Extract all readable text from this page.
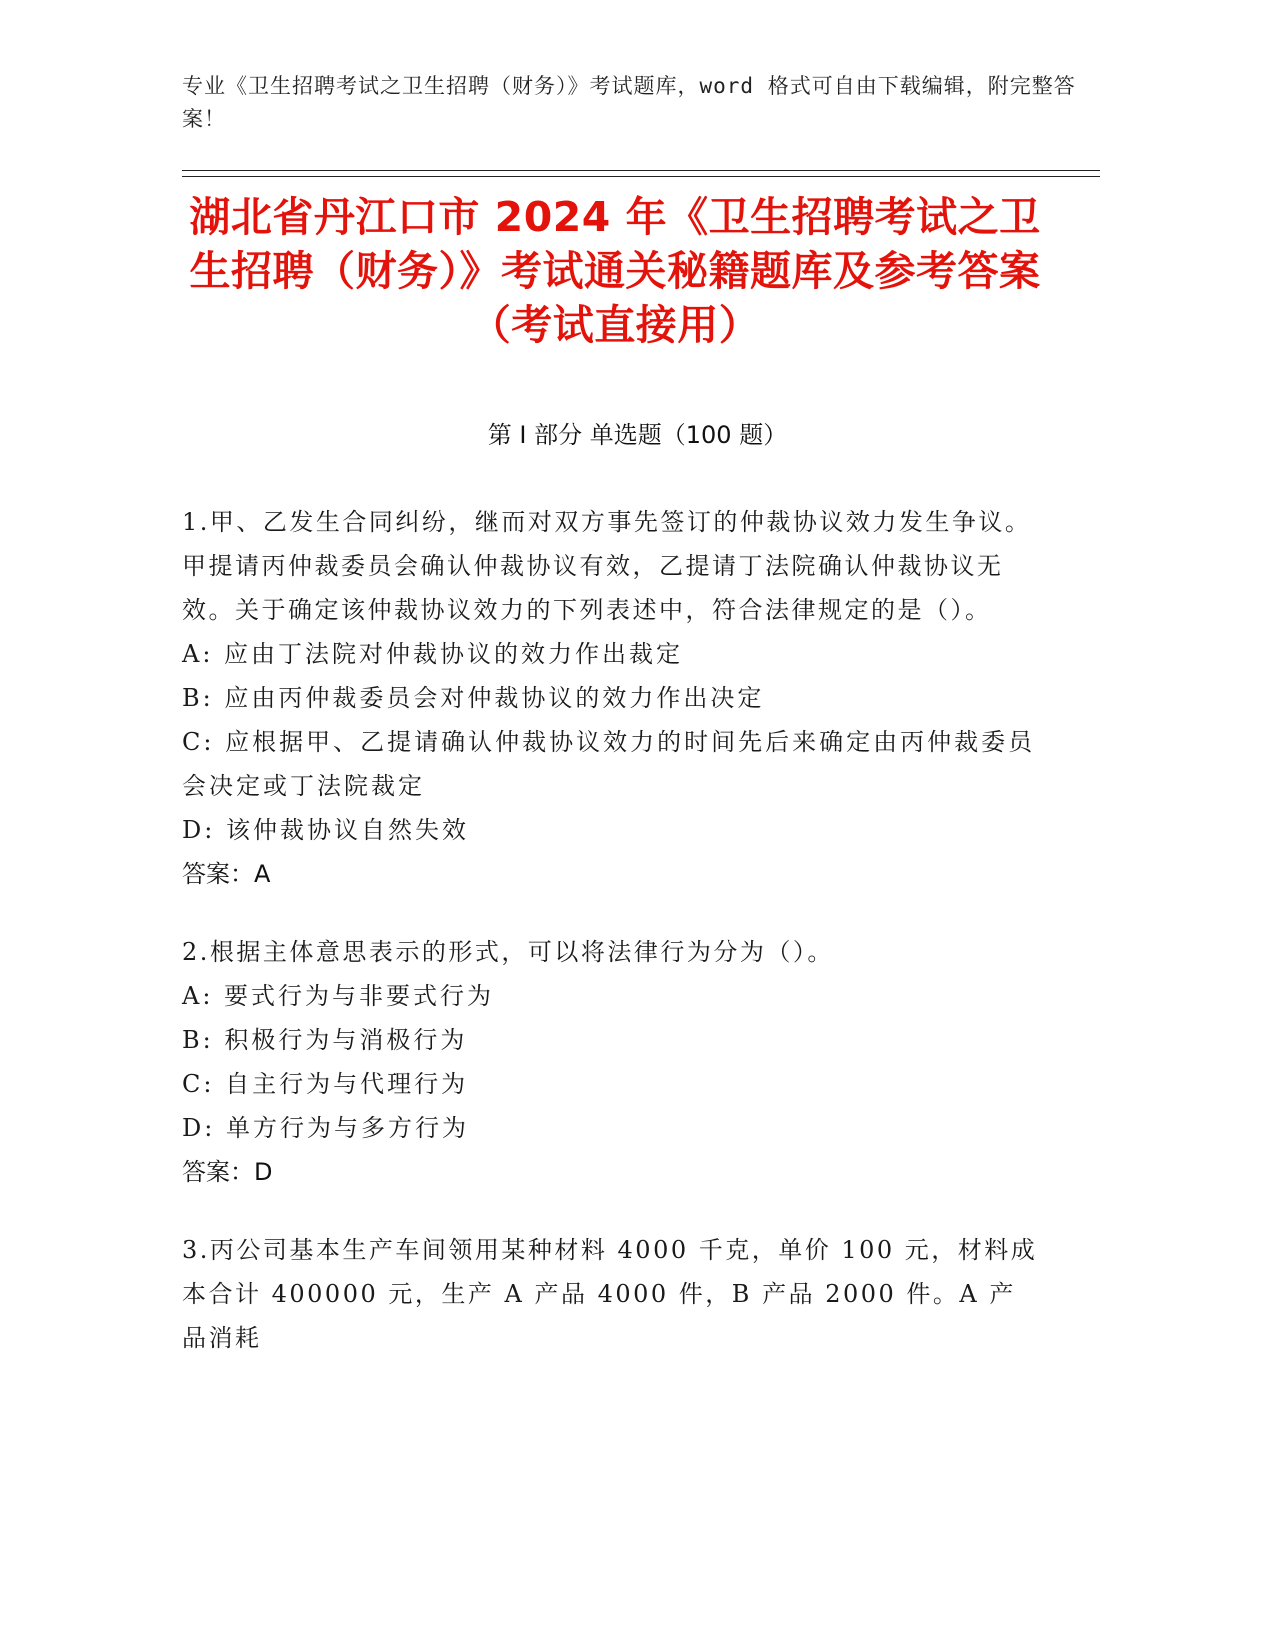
专业《卫生招聘考试之卫生招聘（财务）》考试题库，word 格式可自由下载编辑，附完整答案！
湖北省丹江口市 2024 年《卫生招聘考试之卫生招聘（财务）》考试通关秘籍题库及参考答案（考试直接用）
第 I 部分 单选题（100 题）
1.甲、乙发生合同纠纷，继而对双方事先签订的仲裁协议效力发生争议。甲提请丙仲裁委员会确认仲裁协议有效，乙提请丁法院确认仲裁协议无效。关于确定该仲裁协议效力的下列表述中，符合法律规定的是（）。
A: 应由丁法院对仲裁协议的效力作出裁定
B: 应由丙仲裁委员会对仲裁协议的效力作出决定
C: 应根据甲、乙提请确认仲裁协议效力的时间先后来确定由丙仲裁委员会决定或丁法院裁定
D: 该仲裁协议自然失效
答案：A
2.根据主体意思表示的形式，可以将法律行为分为（）。
A: 要式行为与非要式行为
B: 积极行为与消极行为
C: 自主行为与代理行为
D: 单方行为与多方行为
答案：D
3.丙公司基本生产车间领用某种材料 4000 千克，单价 100 元，材料成本合计 400000 元，生产 A 产品 4000 件，B 产品 2000 件。A 产品消耗
